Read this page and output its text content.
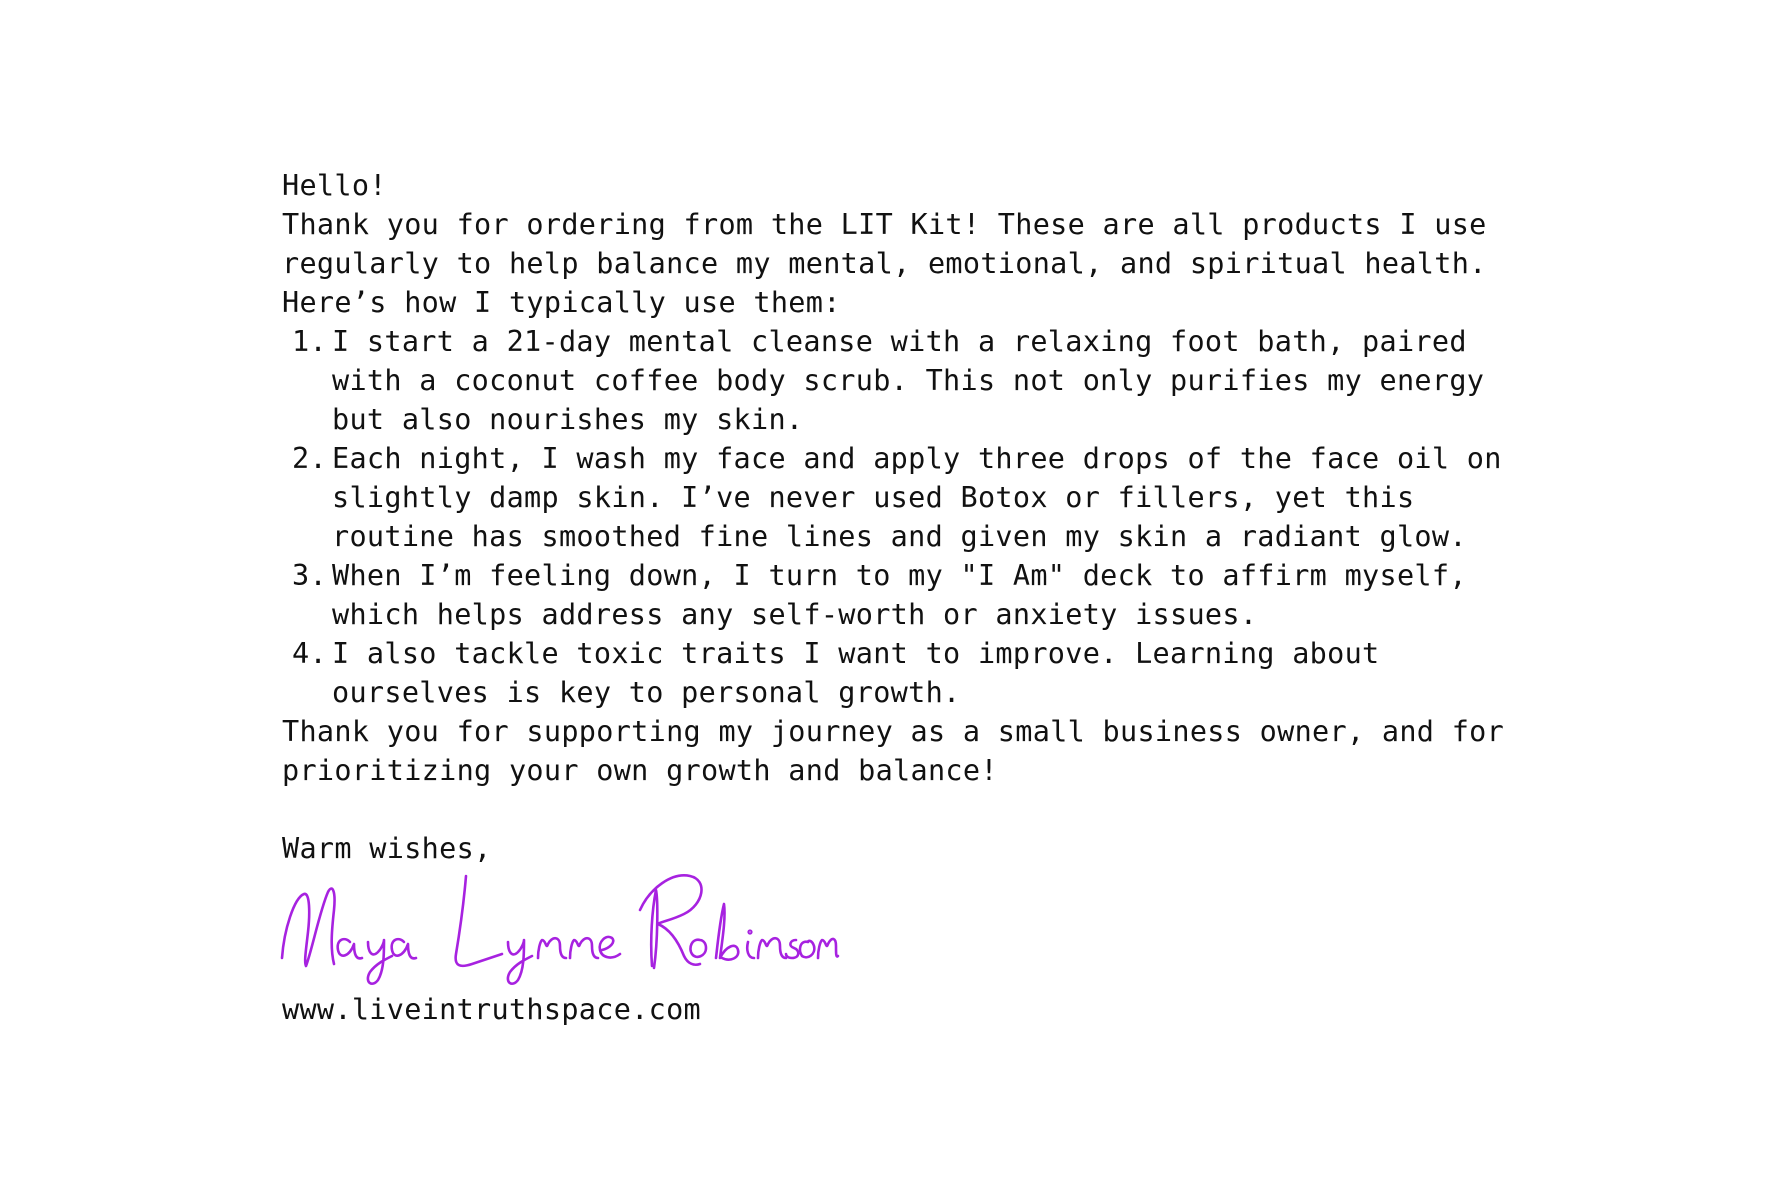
Hello!

Thank you for ordering from the LIT Kit! These are all products I use regularly to help balance my mental, emotional, and spiritual health. Here’s how I typically use them:

1. I start a 21-day mental cleanse with a relaxing foot bath, paired with a coconut coffee body scrub. This not only purifies my energy but also nourishes my skin.
2. Each night, I wash my face and apply three drops of the face oil on slightly damp skin. I’ve never used Botox or fillers, yet this routine has smoothed fine lines and given my skin a radiant glow.
3. When I’m feeling down, I turn to my "I Am" deck to affirm myself, which helps address any self-worth or anxiety issues.
4. I also tackle toxic traits I want to improve. Learning about ourselves is key to personal growth.

Thank you for supporting my journey as a small business owner, and for prioritizing your own growth and balance!

Warm wishes,

www.liveintruthspace.com
